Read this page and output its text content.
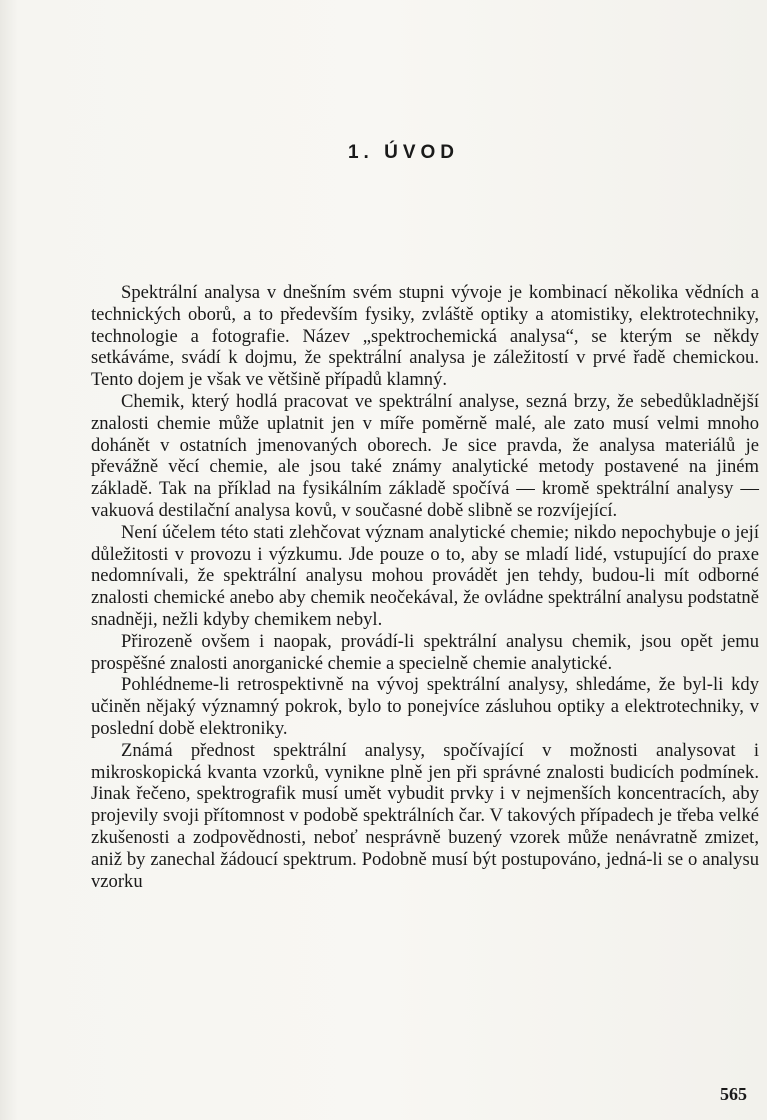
1. ÚVOD

Spektrální analysa v dnešním svém stupni vývoje je kombinací několika vědních a technických oborů, a to především fysiky, zvláště optiky a atomistiky, elektrotechniky, technologie a fotografie. Název „spektrochemická analysa“, se kterým se někdy setkáváme, svádí k dojmu, že spektrální analysa je záležitostí v prvé řadě chemickou. Tento dojem je však ve většině případů klamný.

Chemik, který hodlá pracovat ve spektrální analyse, sezná brzy, že sebedůkladnější znalosti chemie může uplatnit jen v míře poměrně malé, ale zato musí velmi mnoho dohánět v ostatních jmenovaných oborech. Je sice pravda, že analysa materiálů je převážně věcí chemie, ale jsou také známy analytické metody postavené na jiném základě. Tak na příklad na fysikálním základě spočívá — kromě spektrální analysy — vakuová destilační analysa kovů, v současné době slibně se rozvíjející.

Není účelem této stati zlehčovat význam analytické chemie; nikdo nepochybuje o její důležitosti v provozu i výzkumu. Jde pouze o to, aby se mladí lidé, vstupující do praxe nedomnívali, že spektrální analysu mohou provádět jen tehdy, budou-li mít odborné znalosti chemické anebo aby chemik neočekával, že ovládne spektrální analysu podstatně snadněji, nežli kdyby chemikem nebyl.

Přirozeně ovšem i naopak, provádí-li spektrální analysu chemik, jsou opět jemu prospěšné znalosti anorganické chemie a specielně chemie analytické.

Pohlédneme-li retrospektivně na vývoj spektrální analysy, shledáme, že byl-li kdy učiněn nějaký významný pokrok, bylo to ponejvíce zásluhou optiky a elektrotechniky, v poslední době elektroniky.

Známá přednost spektrální analysy, spočívající v možnosti analysovat i mikroskopická kvanta vzorků, vynikne plně jen při správné znalosti budicích podmínek. Jinak řečeno, spektrografik musí umět vybudit prvky i v nejmenších koncentracích, aby projevily svoji přítomnost v podobě spektrálních čar. V takových případech je třeba velké zkušenosti a zodpovědnosti, neboť nesprávně buzený vzorek může nenávratně zmizet, aniž by zanechal žádoucí spektrum. Podobně musí být postupováno, jedná-li se o analysu vzorku

565
